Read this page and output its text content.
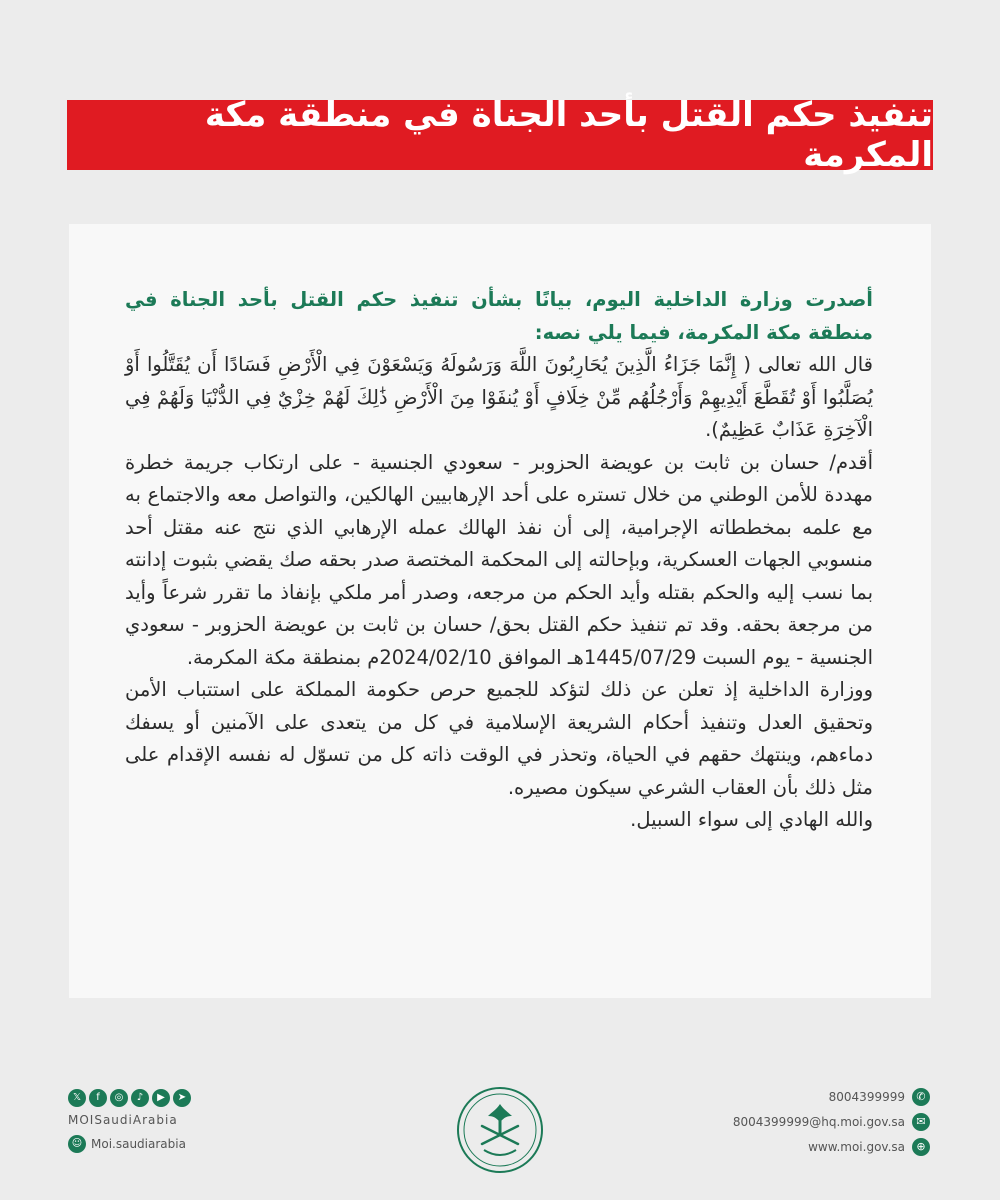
تنفيذ حكم القتل بأحد الجناة في منطقة مكة المكرمة

أصدرت وزارة الداخلية اليوم، بيانًا بشأن تنفيذ حكم القتل بأحد الجناة في منطقة مكة المكرمة، فيما يلي نصه:

قال الله تعالى ( إِنَّمَا جَزَاءُ الَّذِينَ يُحَارِبُونَ اللَّهَ وَرَسُولَهُ وَيَسْعَوْنَ فِي الْأَرْضِ فَسَادًا أَن يُقَتَّلُوا أَوْ يُصَلَّبُوا أَوْ تُقَطَّعَ أَيْدِيهِمْ وَأَرْجُلُهُم مِّنْ خِلَافٍ أَوْ يُنفَوْا مِنَ الْأَرْضِ ذَٰلِكَ لَهُمْ خِزْيٌ فِي الدُّنْيَا وَلَهُمْ فِي الْآخِرَةِ عَذَابٌ عَظِيمٌ).

أقدم/ حسان بن ثابت بن عويضة الحزوبر - سعودي الجنسية - على ارتكاب جريمة خطرة مهددة للأمن الوطني من خلال تستره على أحد الإرهابيين الهالكين، والتواصل معه والاجتماع به مع علمه بمخططاته الإجرامية، إلى أن نفذ الهالك عمله الإرهابي الذي نتج عنه مقتل أحد منسوبي الجهات العسكرية، وبإحالته إلى المحكمة المختصة صدر بحقه صك يقضي بثبوت إدانته بما نسب إليه والحكم بقتله وأيد الحكم من مرجعه، وصدر أمر ملكي بإنفاذ ما تقرر شرعاً وأيد من مرجعة بحقه. وقد تم تنفيذ حكم القتل بحق/ حسان بن ثابت بن عويضة الحزوبر - سعودي الجنسية - يوم السبت 1445/07/29هـ الموافق 2024/02/10م بمنطقة مكة المكرمة.

ووزارة الداخلية إذ تعلن عن ذلك لتؤكد للجميع حرص حكومة المملكة على استتباب الأمن وتحقيق العدل وتنفيذ أحكام الشريعة الإسلامية في كل من يتعدى على الآمنين أو يسفك دماءهم، وينتهك حقهم في الحياة، وتحذر في الوقت ذاته كل من تسوّل له نفسه الإقدام على مثل ذلك بأن العقاب الشرعي سيكون مصيره.

والله الهادي إلى سواء السبيل.

𝕏	f	◎	♪	▶	➤
MOISaudiArabia
☺ Moi.saudiarabia
8004399999	✆
8004399999@hq.moi.gov.sa	✉
www.moi.gov.sa	⊕
